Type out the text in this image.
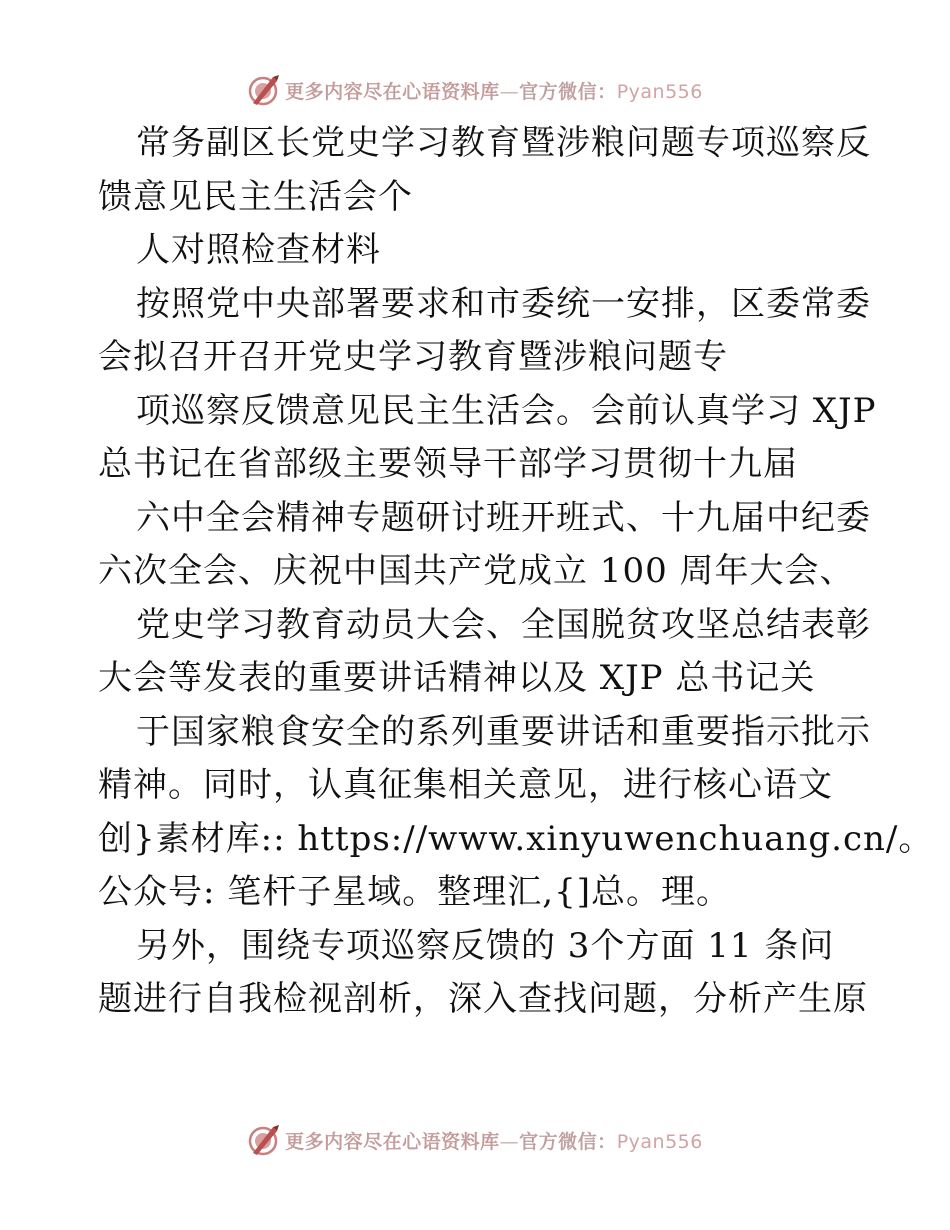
更多内容尽在心语资料库—官方微信：Pyan556
常务副区长党史学习教育暨涉粮问题专项巡察反
馈意见民主生活会个
人对照检查材料
按照党中央部署要求和市委统一安排，区委常委
会拟召开召开党史学习教育暨涉粮问题专
项巡察反馈意见民主生活会。会前认真学习 XJP
总书记在省部级主要领导干部学习贯彻十九届
六中全会精神专题研讨班开班式、十九届中纪委
六次全会、庆祝中国共产党成立 100 周年大会、
党史学习教育动员大会、全国脱贫攻坚总结表彰
大会等发表的重要讲话精神以及 XJP 总书记关
于国家粮食安全的系列重要讲话和重要指示批示
精神。同时，认真征集相关意见，进行核心语文
创}素材库:: https://www.xinyuwenchuang.cn/。
公众号: 笔杆子星域。整理汇,{]总。理。
另外，围绕专项巡察反馈的 3个方面 11 条问
题进行自我检视剖析，深入查找问题，分析产生原
更多内容尽在心语资料库—官方微信：Pyan556
